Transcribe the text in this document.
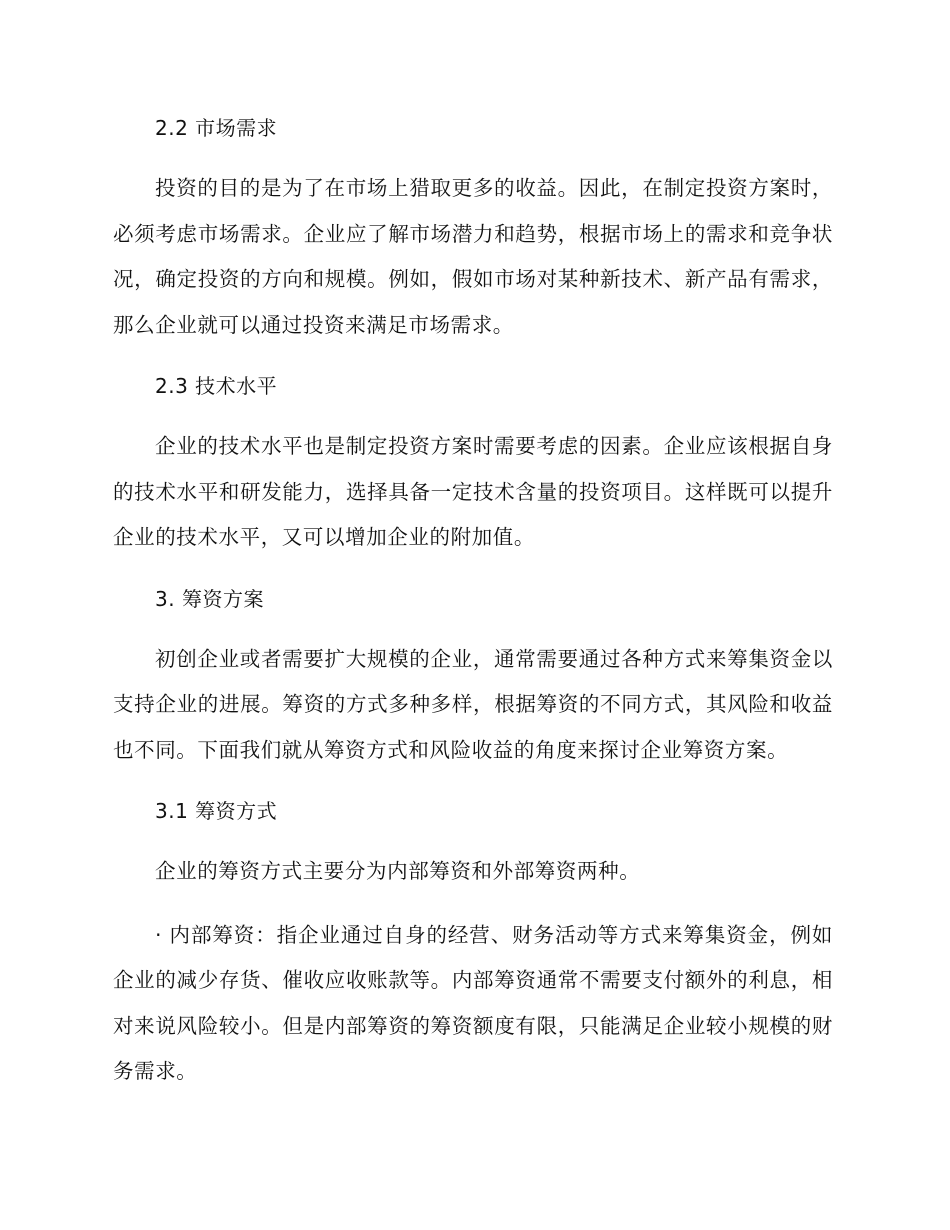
2.2 市场需求
投资的目的是为了在市场上猎取更多的收益。因此，在制定投资方案时，必须考虑市场需求。企业应了解市场潜力和趋势，根据市场上的需求和竞争状况，确定投资的方向和规模。例如，假如市场对某种新技术、新产品有需求，那么企业就可以通过投资来满足市场需求。
2.3 技术水平
企业的技术水平也是制定投资方案时需要考虑的因素。企业应该根据自身的技术水平和研发能力，选择具备一定技术含量的投资项目。这样既可以提升企业的技术水平，又可以增加企业的附加值。
3. 筹资方案
初创企业或者需要扩大规模的企业，通常需要通过各种方式来筹集资金以支持企业的进展。筹资的方式多种多样，根据筹资的不同方式，其风险和收益也不同。下面我们就从筹资方式和风险收益的角度来探讨企业筹资方案。
3.1 筹资方式
企业的筹资方式主要分为内部筹资和外部筹资两种。
· 内部筹资：指企业通过自身的经营、财务活动等方式来筹集资金，例如企业的减少存货、催收应收账款等。内部筹资通常不需要支付额外的利息，相对来说风险较小。但是内部筹资的筹资额度有限，只能满足企业较小规模的财务需求。
